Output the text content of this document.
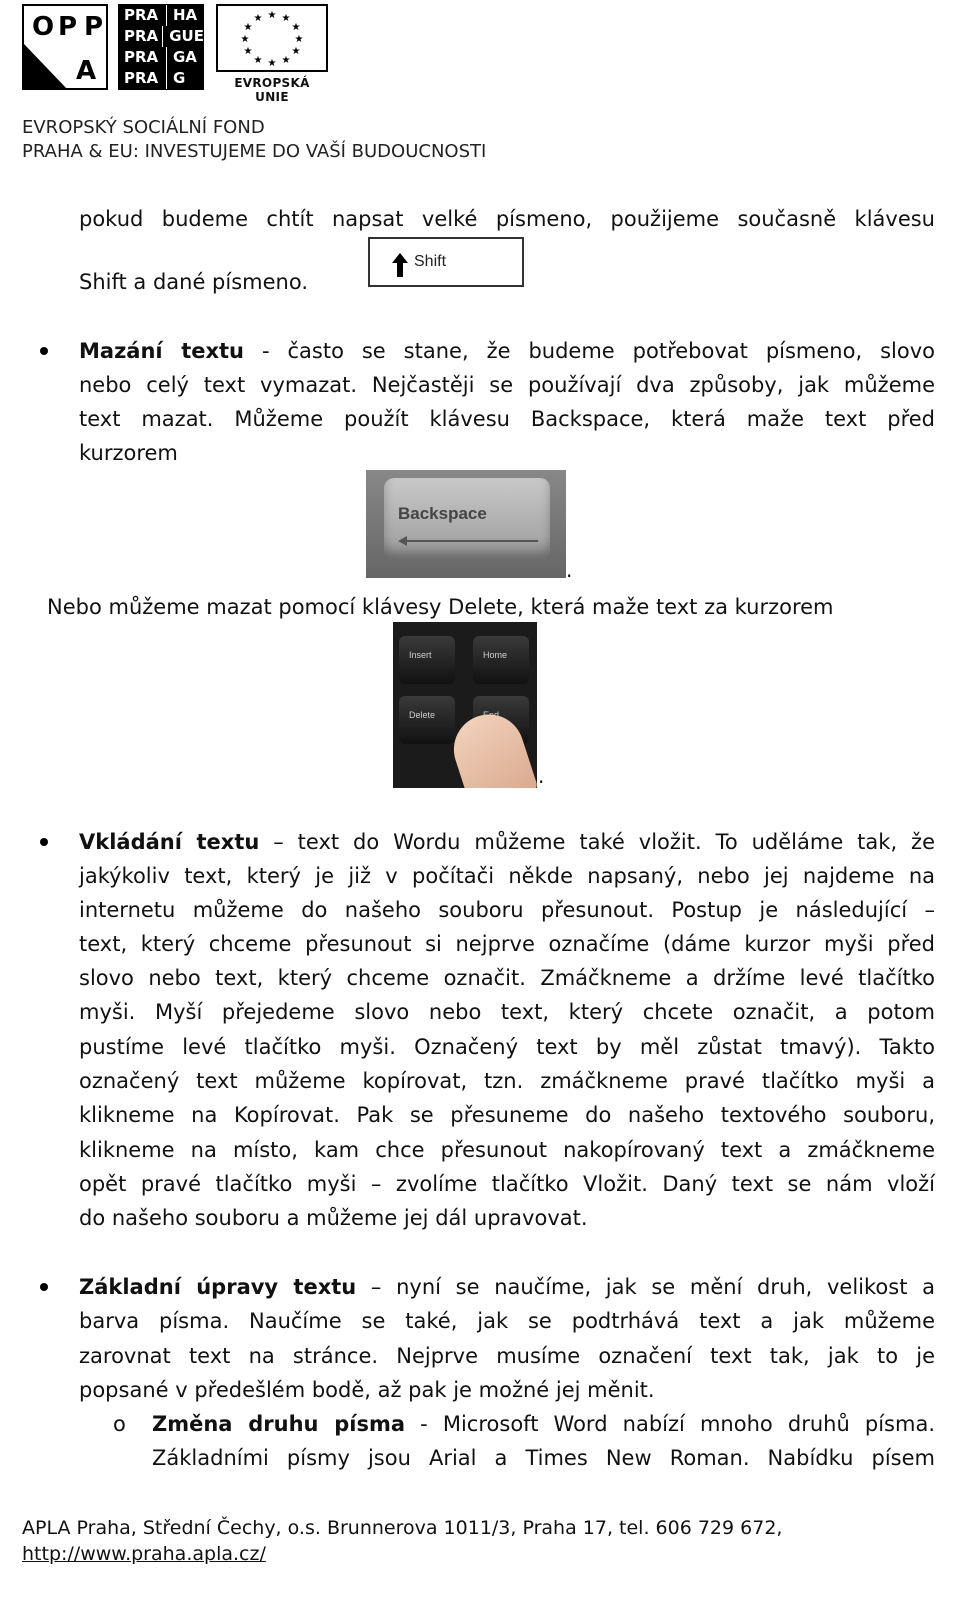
O P P
A
PRA HA
PRA GUE
PRA GA
PRA G
★ ★
★
★
★
★
★
★
★
★
★
★
EVROPSKÁ UNIE
EVROPSKÝ SOCIÁLNÍ FOND
PRAHA & EU: INVESTUJEME DO VAŠÍ BUDOUCNOSTI
pokud budeme chtít napsat velké písmeno, použijeme současně klávesu
Shift a dané písmeno.
Shift
Mazání textu - často se stane, že budeme potřebovat písmeno, slovo
nebo celý text vymazat. Nejčastěji se používají dva způsoby, jak můžeme
text mazat. Můžeme použít klávesu Backspace, která maže text před
kurzorem
Backspace
.
Nebo můžeme mazat pomocí klávesy Delete, která maže text za kurzorem
Insert	Home
Delete
.
Vkládání textu – text do Wordu můžeme také vložit. To uděláme tak, že
jakýkoliv text, který je již v počítači někde napsaný, nebo jej najdeme na
internetu můžeme do našeho souboru přesunout. Postup je následující –
text, který chceme přesunout si nejprve označíme (dáme kurzor myši před
slovo nebo text, který chceme označit. Zmáčkneme a držíme levé tlačítko
myši. Myší přejedeme slovo nebo text, který chcete označit, a potom
pustíme levé tlačítko myši. Označený text by měl zůstat tmavý). Takto
označený text můžeme kopírovat, tzn. zmáčkneme pravé tlačítko myši a
klikneme na Kopírovat. Pak se přesuneme do našeho textového souboru,
klikneme na místo, kam chce přesunout nakopírovaný text a zmáčkneme
opět pravé tlačítko myši – zvolíme tlačítko Vložit. Daný text se nám vloží
do našeho souboru a můžeme jej dál upravovat.
Základní úpravy textu – nyní se naučíme, jak se mění druh, velikost a
barva písma. Naučíme se také, jak se podtrhává text a jak můžeme
zarovnat text na stránce. Nejprve musíme označení text tak, jak to je
popsané v předešlém bodě, až pak je možné jej měnit.
o Změna druhu písma - Microsoft Word nabízí mnoho druhů písma.
Základními písmy jsou Arial a Times New Roman. Nabídku písem
APLA Praha, Střední Čechy, o.s. Brunnerova 1011/3, Praha 17, tel. 606 729 672,
http://www.praha.apla.cz/
